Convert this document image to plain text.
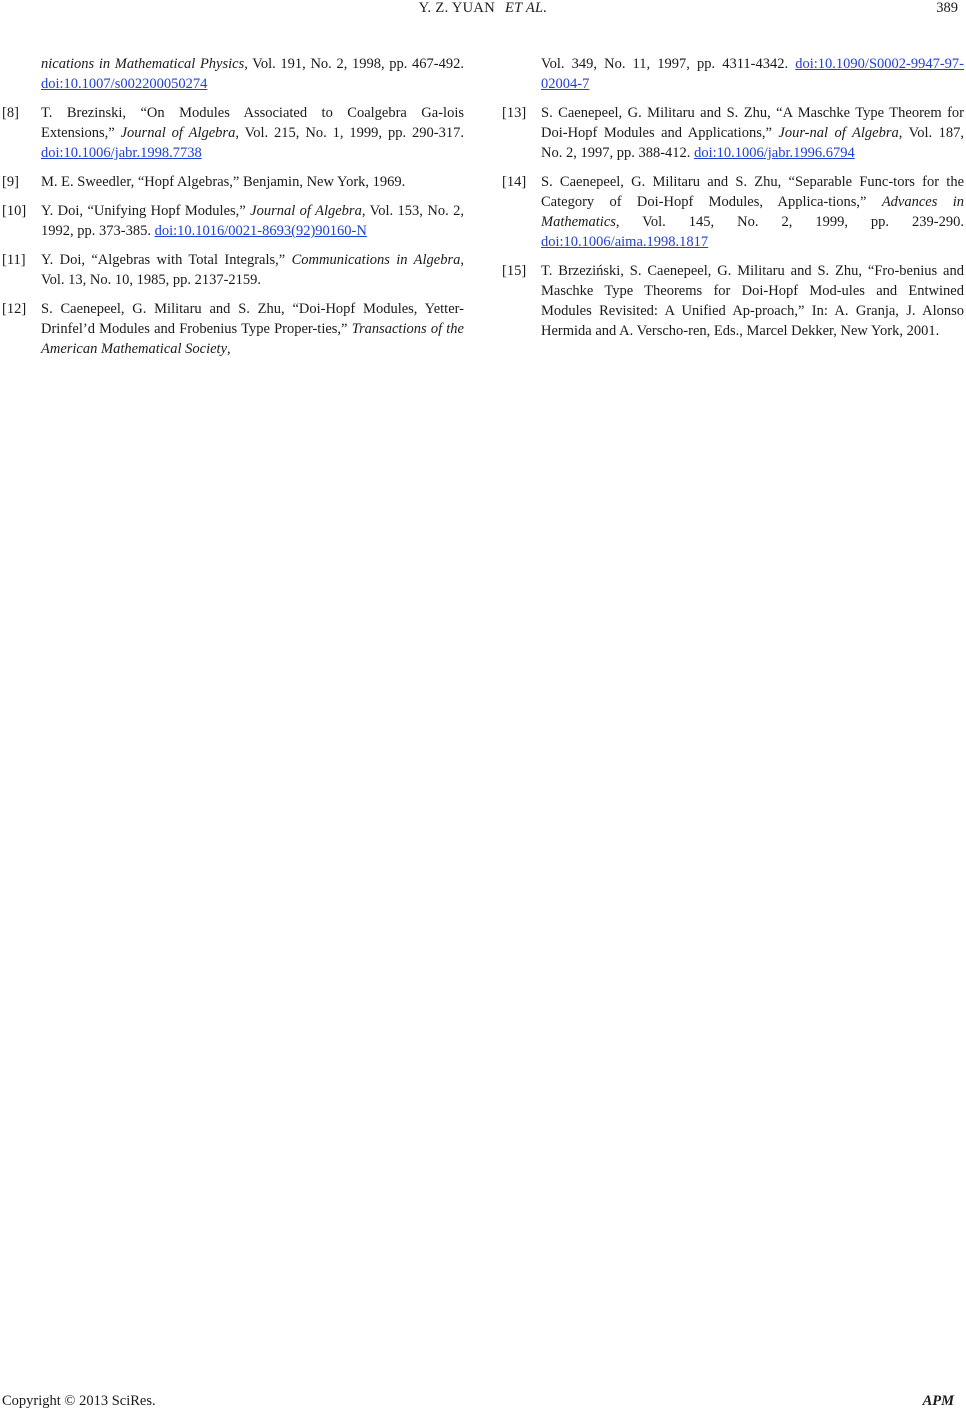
Y. Z. YUAN ET AL.	389
nications in Mathematical Physics, Vol. 191, No. 2, 1998, pp. 467-492. doi:10.1007/s002200050274
[8] T. Brezinski, “On Modules Associated to Coalgebra Ga-lois Extensions,” Journal of Algebra, Vol. 215, No. 1, 1999, pp. 290-317. doi:10.1006/jabr.1998.7738
[9] M. E. Sweedler, “Hopf Algebras,” Benjamin, New York, 1969.
[10] Y. Doi, “Unifying Hopf Modules,” Journal of Algebra, Vol. 153, No. 2, 1992, pp. 373-385. doi:10.1016/0021-8693(92)90160-N
[11] Y. Doi, “Algebras with Total Integrals,” Communications in Algebra, Vol. 13, No. 10, 1985, pp. 2137-2159.
[12] S. Caenepeel, G. Militaru and S. Zhu, “Doi-Hopf Modules, Yetter-Drinfel’d Modules and Frobenius Type Proper-ties,” Transactions of the American Mathematical Society,
Vol. 349, No. 11, 1997, pp. 4311-4342. doi:10.1090/S0002-9947-97-02004-7
[13] S. Caenepeel, G. Militaru and S. Zhu, “A Maschke Type Theorem for Doi-Hopf Modules and Applications,” Jour-nal of Algebra, Vol. 187, No. 2, 1997, pp. 388-412. doi:10.1006/jabr.1996.6794
[14] S. Caenepeel, G. Militaru and S. Zhu, “Separable Func-tors for the Category of Doi-Hopf Modules, Applica-tions,” Advances in Mathematics, Vol. 145, No. 2, 1999, pp. 239-290. doi:10.1006/aima.1998.1817
[15] T. Brzeziński, S. Caenepeel, G. Militaru and S. Zhu, “Fro-benius and Maschke Type Theorems for Doi-Hopf Mod-ules and Entwined Modules Revisited: A Unified Ap-proach,” In: A. Granja, J. Alonso Hermida and A. Verscho-ren, Eds., Marcel Dekker, New York, 2001.
Copyright © 2013 SciRes.	APM
